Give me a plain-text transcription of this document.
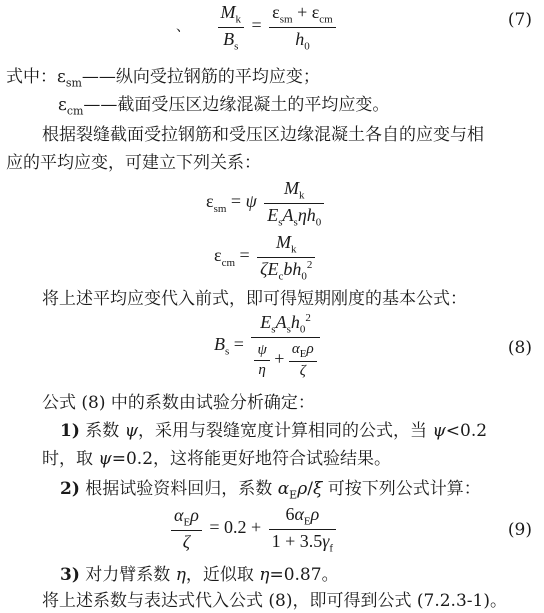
、 $\frac{M_k}{B_s} = \frac{\varepsilon_{sm} + \varepsilon_{cm}}{h_0}$	(7)
式中：$\varepsilon_{sm}——$纵向受拉钢筋的平均应变；
$\varepsilon_{cm}——$截面受压区边缘混凝土的平均应变。
根据裂缝截面受拉钢筋和受压区边缘混凝土各自的应变与相
应的平均应变，可建立下列关系：
$\varepsilon_{sm} = \psi \frac{M_k}{E_sA_s\eta h_0}$
$\varepsilon_{cm} = \frac{M_k}{\zeta E_cbh_0^2}$
将上述平均应变代入前式，即可得短期刚度的基本公式：
$B_s = \frac{E_sA_sh_0^2}{\frac{\psi}{\eta} + \frac{\alpha_E\rho}{\zeta}}$	(8)
公式 (8) 中的系数由试验分析确定：
1) 系数 ψ，采用与裂缝宽度计算相同的公式，当 ψ<0.2
时，取 ψ=0.2，这将能更好地符合试验结果。
2) 根据试验资料回归，系数 $\alpha_E\rho/\xi$ 可按下列公式计算：
$\frac{\alpha_E\rho}{\zeta} = 0.2 + \frac{6\alpha_E\rho}{1 + 3.5\gamma_f}$	(9)
3) 对力臂系数 η，近似取 η=0.87。
将上述系数与表达式代入公式 (8)，即可得到公式 (7.2.3-1)。
